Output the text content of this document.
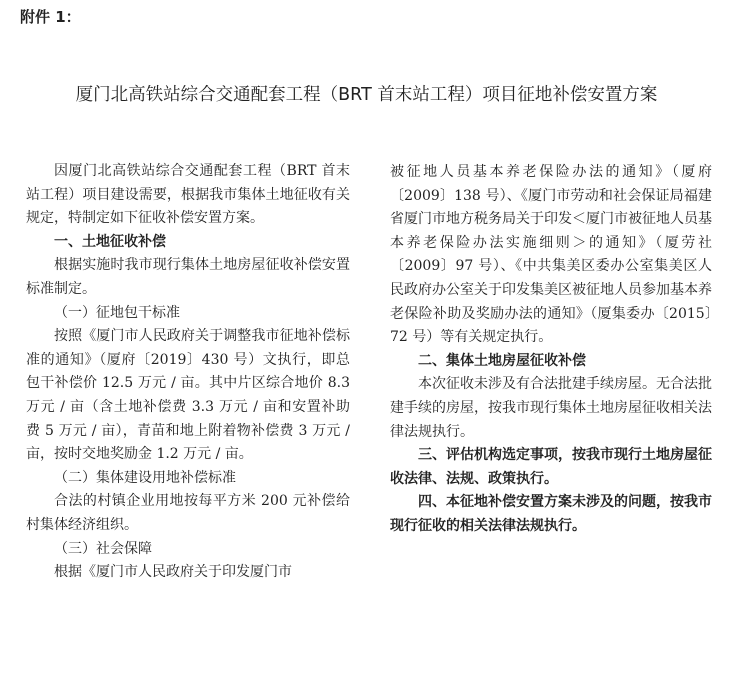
附件 1：

厦门北高铁站综合交通配套工程（BRT 首末站工程）项目征地补偿安置方案

因厦门北高铁站综合交通配套工程（BRT 首末站工程）项目建设需要，根据我市集体土地征收有关规定，特制定如下征收补偿安置方案。

一、土地征收补偿

根据实施时我市现行集体土地房屋征收补偿安置标准制定。

（一）征地包干标准

按照《厦门市人民政府关于调整我市征地补偿标准的通知》（厦府〔2019〕430 号）文执行，即总包干补偿价 12.5 万元 / 亩。其中片区综合地价 8.3 万元 / 亩（含土地补偿费 3.3 万元 / 亩和安置补助费 5 万元 / 亩），青苗和地上附着物补偿费 3 万元 / 亩，按时交地奖励金 1.2 万元 / 亩。

（二）集体建设用地补偿标准

合法的村镇企业用地按每平方米 200 元补偿给村集体经济组织。

（三）社会保障

根据《厦门市人民政府关于印发厦门市

被征地人员基本养老保险办法的通知》（厦府〔2009〕138 号）、《厦门市劳动和社会保证局福建省厦门市地方税务局关于印发＜厦门市被征地人员基本养老保险办法实施细则＞的通知》（厦劳社〔2009〕97 号）、《中共集美区委办公室集美区人民政府办公室关于印发集美区被征地人员参加基本养老保险补助及奖励办法的通知》（厦集委办〔2015〕72 号）等有关规定执行。

二、集体土地房屋征收补偿

本次征收未涉及有合法批建手续房屋。无合法批建手续的房屋，按我市现行集体土地房屋征收相关法律法规执行。

三、评估机构选定事项，按我市现行土地房屋征收法律、法规、政策执行。

四、本征地补偿安置方案未涉及的问题，按我市现行征收的相关法律法规执行。
